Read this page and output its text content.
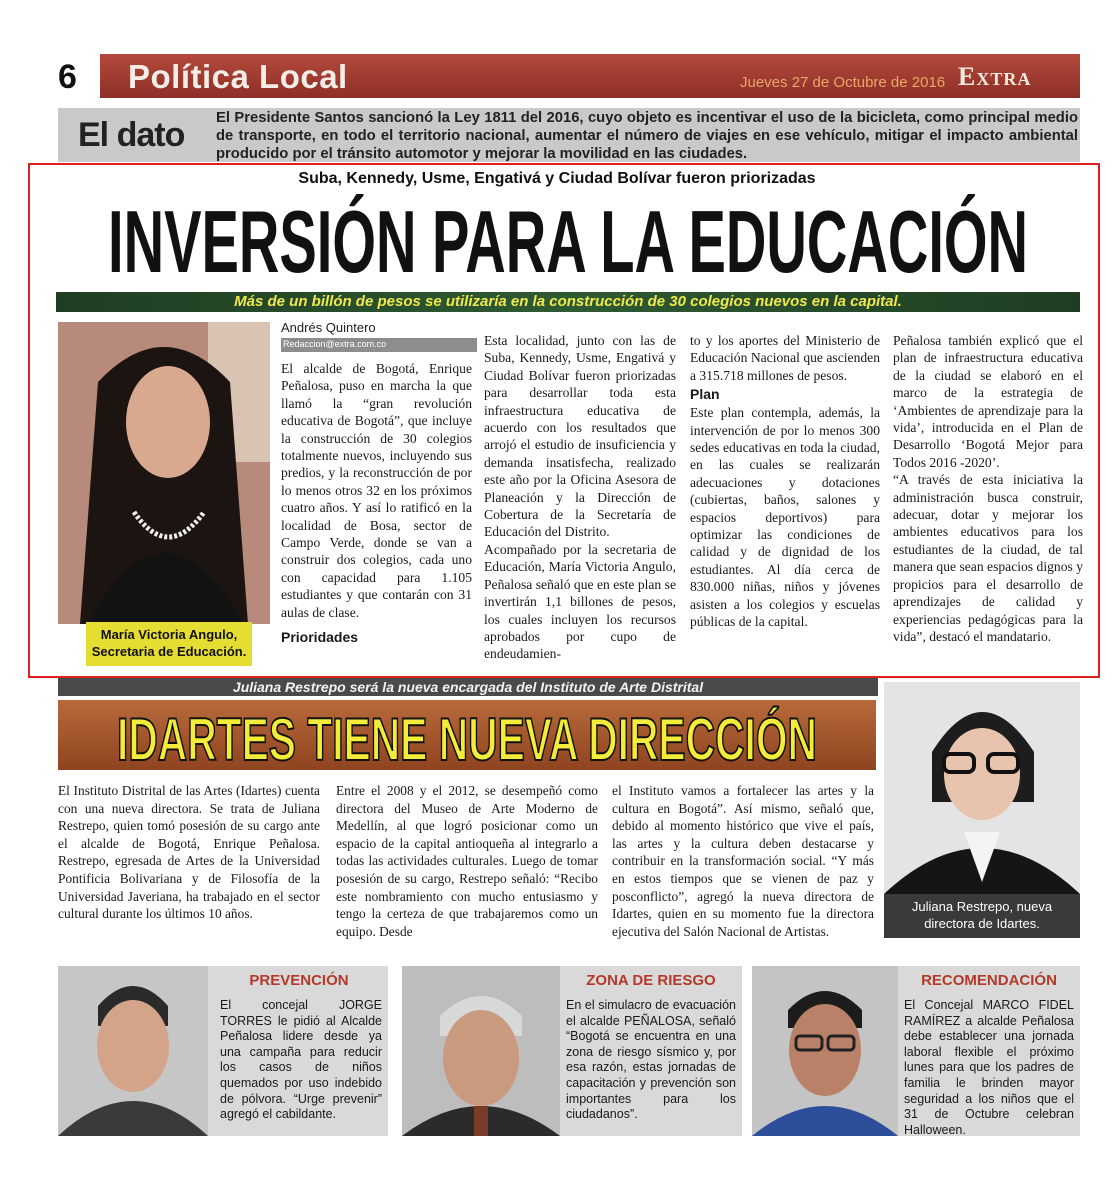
6 Política Local	Jueves 27 de Octubre de 2016 Extra
El dato El Presidente Santos sancionó la Ley 1811 del 2016, cuyo objeto es incentivar el uso de la bicicleta, como principal medio de transporte, en todo el territorio nacional, aumentar el número de viajes en ese vehículo, mitigar el impacto ambiental producido por el tránsito automotor y mejorar la movilidad en las ciudades.
Suba, Kennedy, Usme, Engativá y Ciudad Bolívar fueron priorizadas
INVERSIÓN PARA LA EDUCACIÓN
Más de un billón de pesos se utilizaría en la construcción de 30 colegios nuevos en la capital.
María Victoria Angulo,
Secretaria de Educación.
Andrés Quintero
Redaccion@extra.com.co

El alcalde de Bogotá, Enrique Peñalosa, puso en marcha la que llamó la “gran revolución educativa de Bogotá”, que incluye la construcción de 30 colegios totalmente nuevos, incluyendo sus predios, y la reconstrucción de por lo menos otros 32 en los próximos cuatro años. Y así lo ratificó en la localidad de Bosa, sector de Campo Verde, donde se van a construir dos colegios, cada uno con capacidad para 1.105 estudiantes y que contarán con 31 aulas de clase.

Prioridades

Esta localidad, junto con las de Suba, Kennedy, Usme, Engativá y Ciudad Bolívar fueron priorizadas para desarrollar toda esta infraestructura educativa de acuerdo con los resultados que arrojó el estudio de insuficiencia y demanda insatisfecha, realizado este año por la Oficina Asesora de Planeación y la Dirección de Cobertura de la Secretaría de Educación del Distrito.

Acompañado por la secretaria de Educación, María Victoria Angulo, Peñalosa señaló que en este plan se invertirán 1,1 billones de pesos, los cuales incluyen los recursos aprobados por cupo de endeudamien-

to y los aportes del Ministerio de Educación Nacional que ascienden a 315.718 millones de pesos.

Plan

Este plan contempla, además, la intervención de por lo menos 300 sedes educativas en toda la ciudad, en las cuales se realizarán adecuaciones y dotaciones (cubiertas, baños, salones y espacios deportivos) para optimizar las condiciones de calidad y de dignidad de los estudiantes. Al día cerca de 830.000 niñas, niños y jóvenes asisten a los colegios y escuelas públicas de la capital.

Peñalosa también explicó que el plan de infraestructura educativa de la ciudad se elaboró en el marco de la estrategia de ‘Ambientes de aprendizaje para la vida’, introducida en el Plan de Desarrollo ‘Bogotá Mejor para Todos 2016 -2020’.

“A través de esta iniciativa la administración busca construir, adecuar, dotar y mejorar los ambientes educativos para los estudiantes de la ciudad, de tal manera que sean espacios dignos y propicios para el desarrollo de aprendizajes de calidad y experiencias pedagógicas para la vida”, destacó el mandatario.

Juliana Restrepo será la nueva encargada del Instituto de Arte Distrital
IDARTES TIENE NUEVA DIRECCIÓN

El Instituto Distrital de las Artes (Idartes) cuenta con una nueva directora. Se trata de Juliana Restrepo, quien tomó posesión de su cargo ante el alcalde de Bogotá, Enrique Peñalosa. Restrepo, egresada de Artes de la Universidad Pontificia Bolivariana y de Filosofía de la Universidad Javeriana, ha trabajado en el sector cultural durante los últimos 10 años.

Entre el 2008 y el 2012, se desempeñó como directora del Museo de Arte Moderno de Medellín, al que logró posicionar como un espacio de la capital antioqueña al integrarlo a todas las actividades culturales. Luego de tomar posesión de su cargo, Restrepo señaló: “Recibo este nombramiento con mucho entusiasmo y tengo la certeza de que trabajaremos como un equipo. Desde

el Instituto vamos a fortalecer las artes y la cultura en Bogotá”. Así mismo, señaló que, debido al momento histórico que vive el país, las artes y la cultura deben destacarse y contribuir en la transformación social. “Y más en estos tiempos que se vienen de paz y posconflicto”, agregó la nueva directora de Idartes, quien en su momento fue la directora ejecutiva del Salón Nacional de Artistas.

Juliana Restrepo, nueva
directora de Idartes.
PREVENCIÓN

El concejal JORGE TORRES le pidió al Alcalde Peñalosa lidere desde ya una campaña para reducir los casos de niños quemados por uso indebido de pólvora. “Urge prevenir” agregó el cabildante.

ZONA DE RIESGO

En el simulacro de evacuación el alcalde PEÑALOSA, señaló “Bogotá se encuentra en una zona de riesgo sísmico y, por esa razón, estas jornadas de capacitación y prevención son importantes para los ciudadanos”.

RECOMENDACIÓN

El Concejal MARCO FIDEL RAMÍREZ a alcalde Peñalosa debe establecer una jornada laboral flexible el próximo lunes para que los padres de familia le brinden mayor seguridad a los niños que el 31 de Octubre celebran Halloween.
